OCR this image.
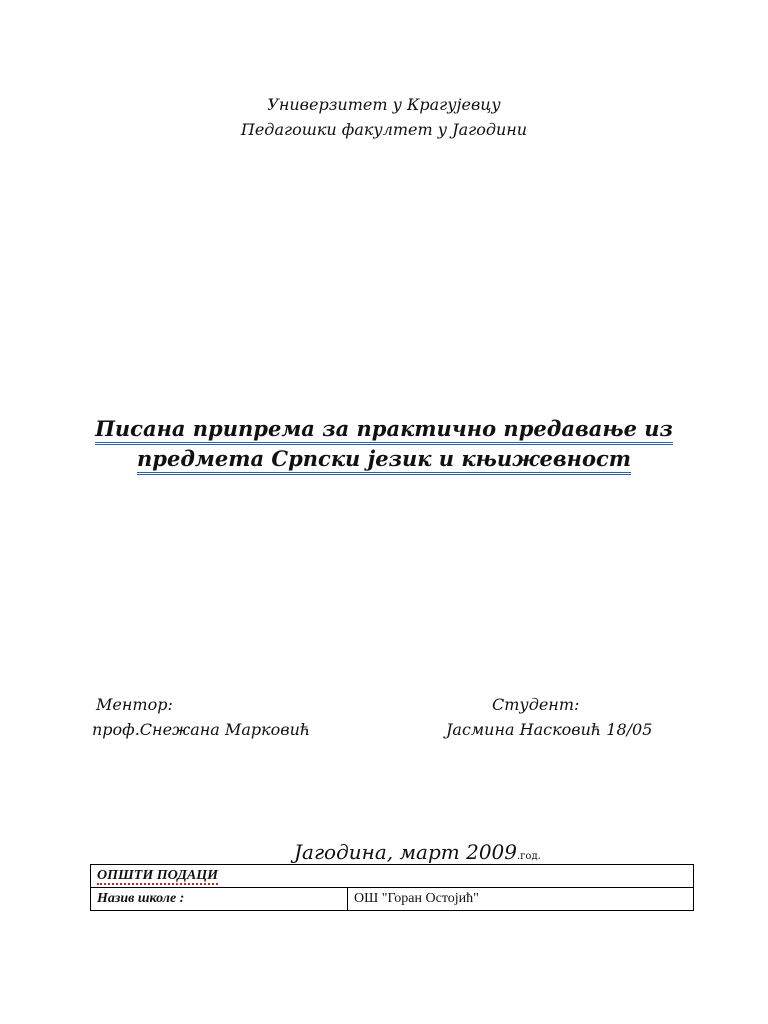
Универзитет у Крагујевцу
Педагошки факултет у Јагодини
Писана припрема за практично предавање из
предмета Српски језик и књижевност
Ментор:
проф.Снежана Марковић
Студент:
Јасмина Насковић 18/05
Јагодина, март 2009.год.
ОПШТИ ПОДАЦИ
Назив школе :	ОШ "Горан Остојић"
